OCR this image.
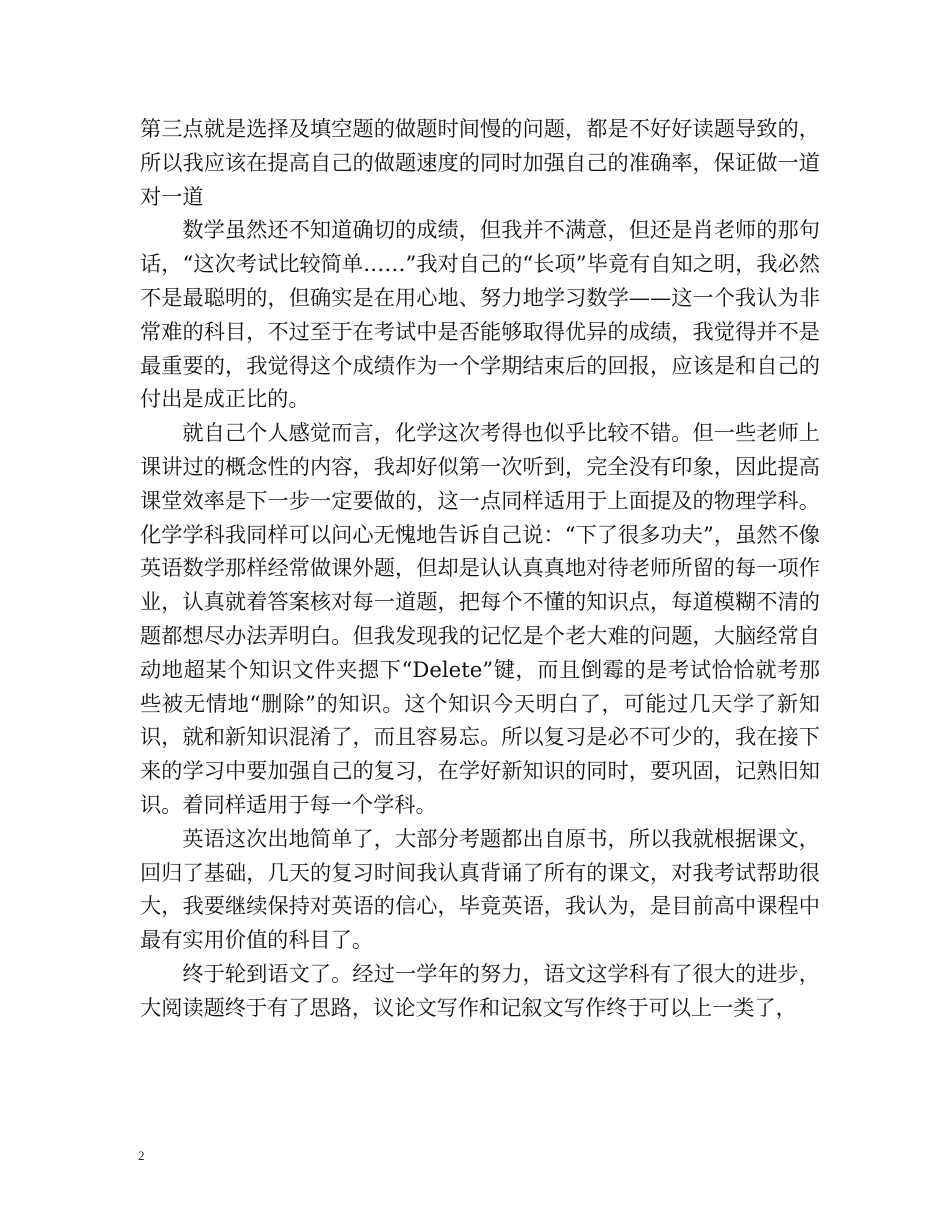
第三点就是选择及填空题的做题时间慢的问题，都是不好好读题导致的，所以我应该在提高自己的做题速度的同时加强自己的准确率，保证做一道对一道

数学虽然还不知道确切的成绩，但我并不满意，但还是肖老师的那句话，“这次考试比较简单……”我对自己的“长项”毕竟有自知之明，我必然不是最聪明的，但确实是在用心地、努力地学习数学——这一个我认为非常难的科目，不过至于在考试中是否能够取得优异的成绩，我觉得并不是最重要的，我觉得这个成绩作为一个学期结束后的回报，应该是和自己的付出是成正比的。

就自己个人感觉而言，化学这次考得也似乎比较不错。但一些老师上课讲过的概念性的内容，我却好似第一次听到，完全没有印象，因此提高课堂效率是下一步一定要做的，这一点同样适用于上面提及的物理学科。化学学科我同样可以问心无愧地告诉自己说：“下了很多功夫”，虽然不像英语数学那样经常做课外题，但却是认认真真地对待老师所留的每一项作业，认真就着答案核对每一道题，把每个不懂的知识点，每道模糊不清的题都想尽办法弄明白。但我发现我的记忆是个老大难的问题，大脑经常自动地超某个知识文件夹摁下“Delete”键，而且倒霉的是考试恰恰就考那些被无情地“删除”的知识。这个知识今天明白了，可能过几天学了新知识，就和新知识混淆了，而且容易忘。所以复习是必不可少的，我在接下来的学习中要加强自己的复习，在学好新知识的同时，要巩固，记熟旧知识。着同样适用于每一个学科。

英语这次出地简单了，大部分考题都出自原书，所以我就根据课文，回归了基础，几天的复习时间我认真背诵了所有的课文，对我考试帮助很大，我要继续保持对英语的信心，毕竟英语，我认为，是目前高中课程中最有实用价值的科目了。

终于轮到语文了。经过一学年的努力，语文这学科有了很大的进步，大阅读题终于有了思路，议论文写作和记叙文写作终于可以上一类了，

2
